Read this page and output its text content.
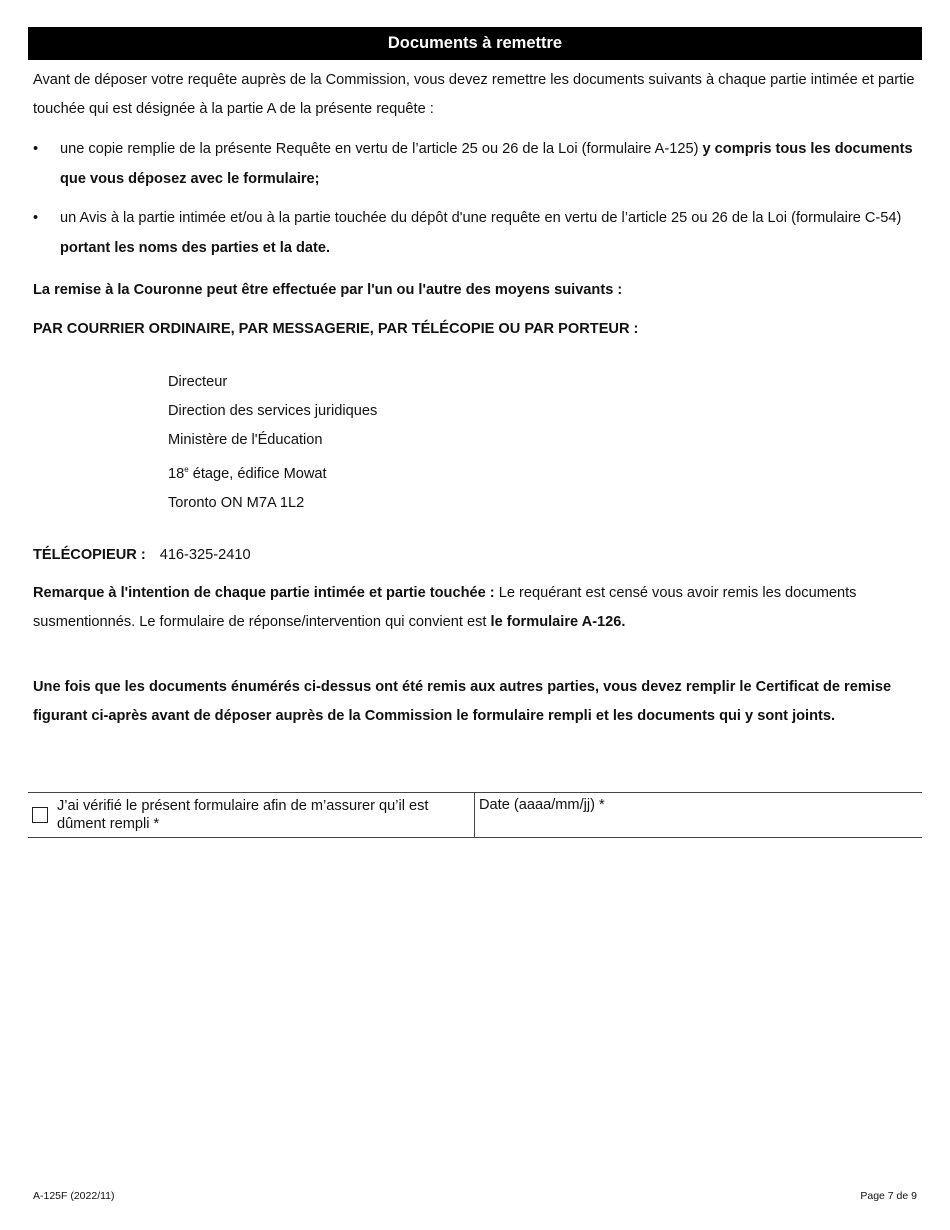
Documents à remettre

Avant de déposer votre requête auprès de la Commission, vous devez remettre les documents suivants à chaque partie intimée et partie touchée qui est désignée à la partie A de la présente requête :

• une copie remplie de la présente Requête en vertu de l’article 25 ou 26 de la Loi (formulaire A-125) y compris tous les documents que vous déposez avec le formulaire;
• un Avis à la partie intimée et/ou à la partie touchée du dépôt d'une requête en vertu de l’article 25 ou 26 de la Loi (formulaire C-54) portant les noms des parties et la date.

La remise à la Couronne peut être effectuée par l'un ou l'autre des moyens suivants :

PAR COURRIER ORDINAIRE, PAR MESSAGERIE, PAR TÉLÉCOPIE OU PAR PORTEUR :

Directeur
Direction des services juridiques
Ministère de l'Éducation
18e étage, édifice Mowat
Toronto ON M7A 1L2
TÉLÉCOPIEUR : 416-325-2410

Remarque à l'intention de chaque partie intimée et partie touchée : Le requérant est censé vous avoir remis les documents susmentionnés. Le formulaire de réponse/intervention qui convient est le formulaire A-126.

Une fois que les documents énumérés ci-dessus ont été remis aux autres parties, vous devez remplir le Certificat de remise figurant ci-après avant de déposer auprès de la Commission le formulaire rempli et les documents qui y sont joints.

J’ai vérifié le présent formulaire afin de m’assurer qu’il est dûment rempli *
Date (aaaa/mm/jj) *
A-125F (2022/11)	Page 7 de 9
